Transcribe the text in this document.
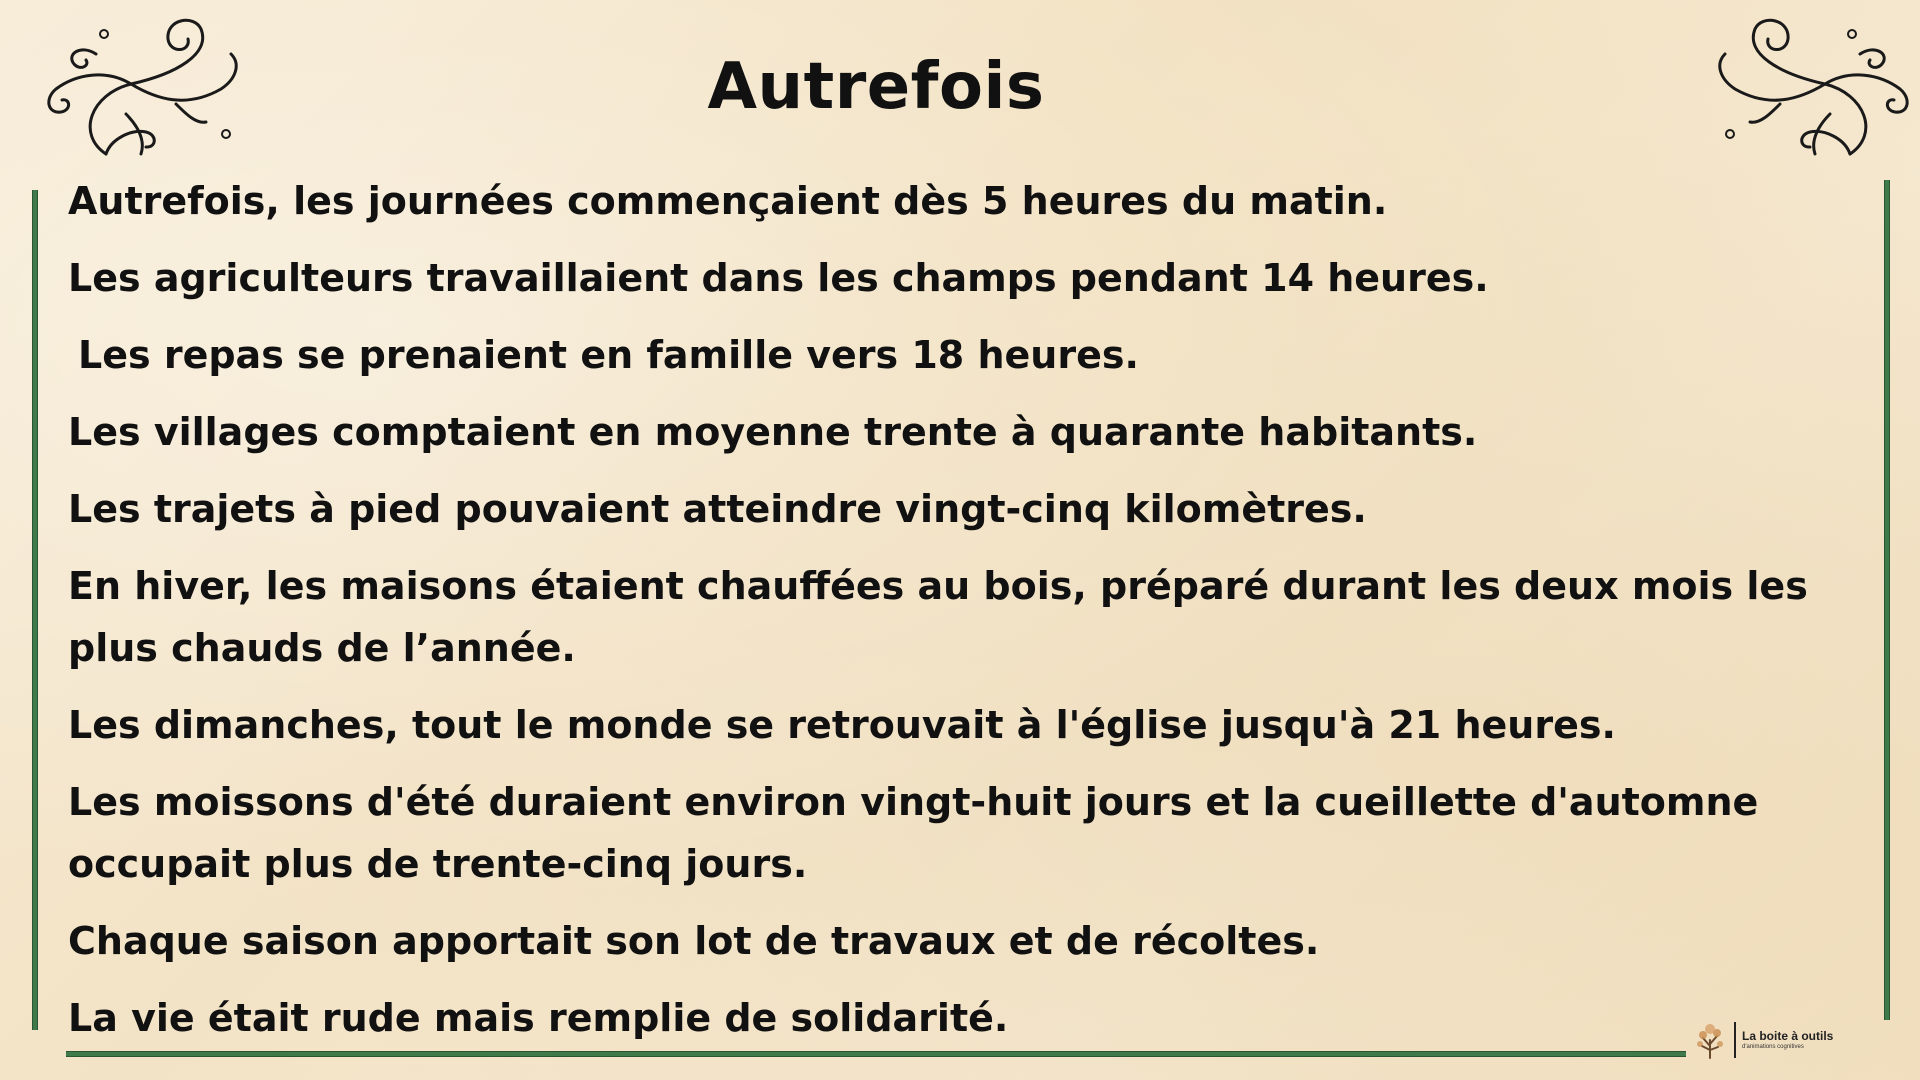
Autrefois
Autrefois, les journées commençaient dès 5 heures du matin.
Les agriculteurs travaillaient dans les champs pendant 14 heures.
Les repas se prenaient en famille vers 18 heures.
Les villages comptaient en moyenne trente à quarante habitants.
Les trajets à pied pouvaient atteindre vingt-cinq kilomètres.
En hiver, les maisons étaient chauffées au bois, préparé durant les deux mois les plus chauds de l’année.
Les dimanches, tout le monde se retrouvait à l'église jusqu'à 21 heures.
Les moissons d'été duraient environ vingt-huit jours et la cueillette d'automne occupait plus de trente-cinq jours.
Chaque saison apportait son lot de travaux et de récoltes.
La vie était rude mais remplie de solidarité.	La boite à outils
d'animations cognitives
